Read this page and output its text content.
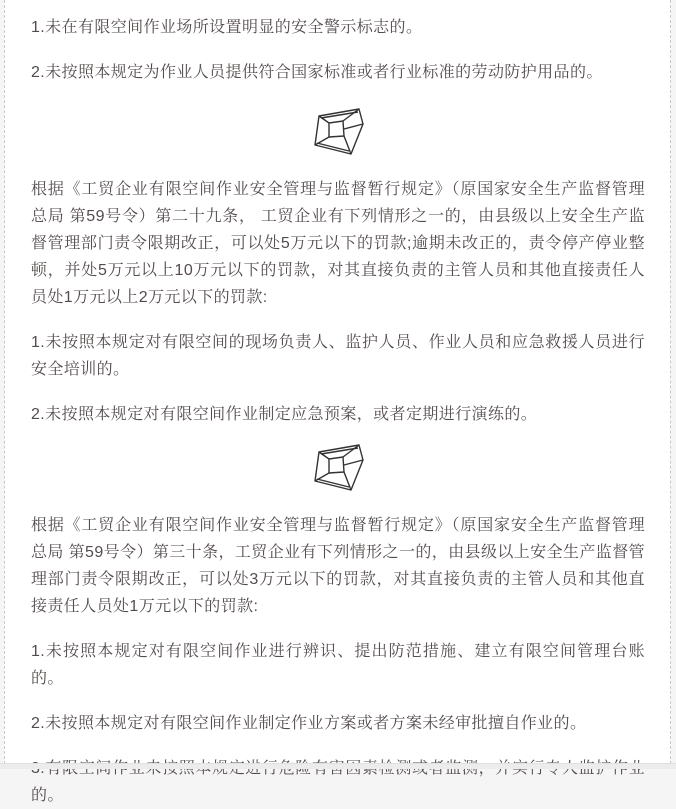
1.未在有限空间作业场所设置明显的安全警示标志的。

2.未按照本规定为作业人员提供符合国家标准或者行业标准的劳动防护用品的。

根据《工贸企业有限空间作业安全管理与监督暂行规定》（原国家安全生产监督管理总局 第59号令）第二十九条， 工贸企业有下列情形之一的，由县级以上安全生产监督管理部门责令限期改正，可以处5万元以下的罚款;逾期未改正的，责令停产停业整顿，并处5万元以上10万元以下的罚款，对其直接负责的主管人员和其他直接责任人员处1万元以上2万元以下的罚款:

1.未按照本规定对有限空间的现场负责人、监护人员、作业人员和应急救援人员进行安全培训的。

2.未按照本规定对有限空间作业制定应急预案，或者定期进行演练的。

根据《工贸企业有限空间作业安全管理与监督暂行规定》（原国家安全生产监督管理总局 第59号令）第三十条，工贸企业有下列情形之一的，由县级以上安全生产监督管理部门责令限期改正，可以处3万元以下的罚款，对其直接负责的主管人员和其他直接责任人员处1万元以下的罚款:

1.未按照本规定对有限空间作业进行辨识、提出防范措施、建立有限空间管理台账的。

2.未按照本规定对有限空间作业制定作业方案或者方案未经审批擅自作业的。

的。
